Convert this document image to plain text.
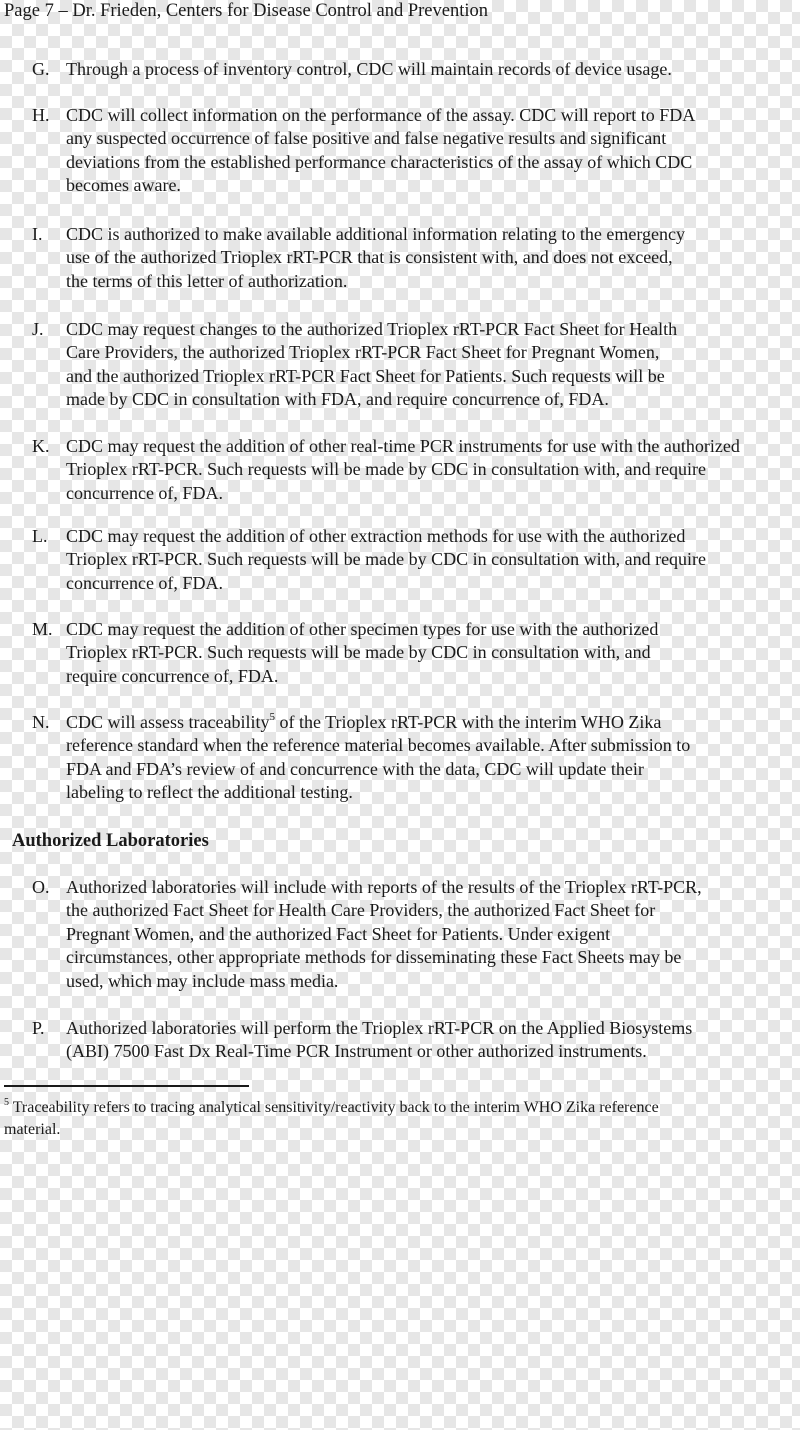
Page 7 – Dr. Frieden, Centers for Disease Control and Prevention
G. Through a process of inventory control, CDC will maintain records of device usage.
H. CDC will collect information on the performance of the assay. CDC will report to FDA
any suspected occurrence of false positive and false negative results and significant
deviations from the established performance characteristics of the assay of which CDC
becomes aware.
I.	CDC is authorized to make available additional information relating to the emergency
use of the authorized Trioplex rRT-PCR that is consistent with, and does not exceed,
the terms of this letter of authorization.
J.	CDC may request changes to the authorized Trioplex rRT-PCR Fact Sheet for Health
Care Providers, the authorized Trioplex rRT-PCR Fact Sheet for Pregnant Women,
and the authorized Trioplex rRT-PCR Fact Sheet for Patients. Such requests will be
made by CDC in consultation with FDA, and require concurrence of, FDA.
K. CDC may request the addition of other real-time PCR instruments for use with the authorized
Trioplex rRT-PCR. Such requests will be made by CDC in consultation with, and require
concurrence of, FDA.
L.	CDC may request the addition of other extraction methods for use with the authorized
Trioplex rRT-PCR. Such requests will be made by CDC in consultation with, and require
concurrence of, FDA.
M. CDC may request the addition of other specimen types for use with the authorized
Trioplex rRT-PCR. Such requests will be made by CDC in consultation with, and
require concurrence of, FDA.
N. CDC will assess traceability$^5$ of the Trioplex rRT-PCR with the interim WHO Zika
reference standard when the reference material becomes available. After submission to
FDA and FDA’s review of and concurrence with the data, CDC will update their
labeling to reflect the additional testing.
Authorized Laboratories
O. Authorized laboratories will include with reports of the results of the Trioplex rRT-PCR,
the authorized Fact Sheet for Health Care Providers, the authorized Fact Sheet for
Pregnant Women, and the authorized Fact Sheet for Patients. Under exigent
circumstances, other appropriate methods for disseminating these Fact Sheets may be
used, which may include mass media.
P.	Authorized laboratories will perform the Trioplex rRT-PCR on the Applied Biosystems
(ABI) 7500 Fast Dx Real-Time PCR Instrument or other authorized instruments.
$^5$ Traceability refers to tracing analytical sensitivity/reactivity back to the interim WHO Zika reference
material.
